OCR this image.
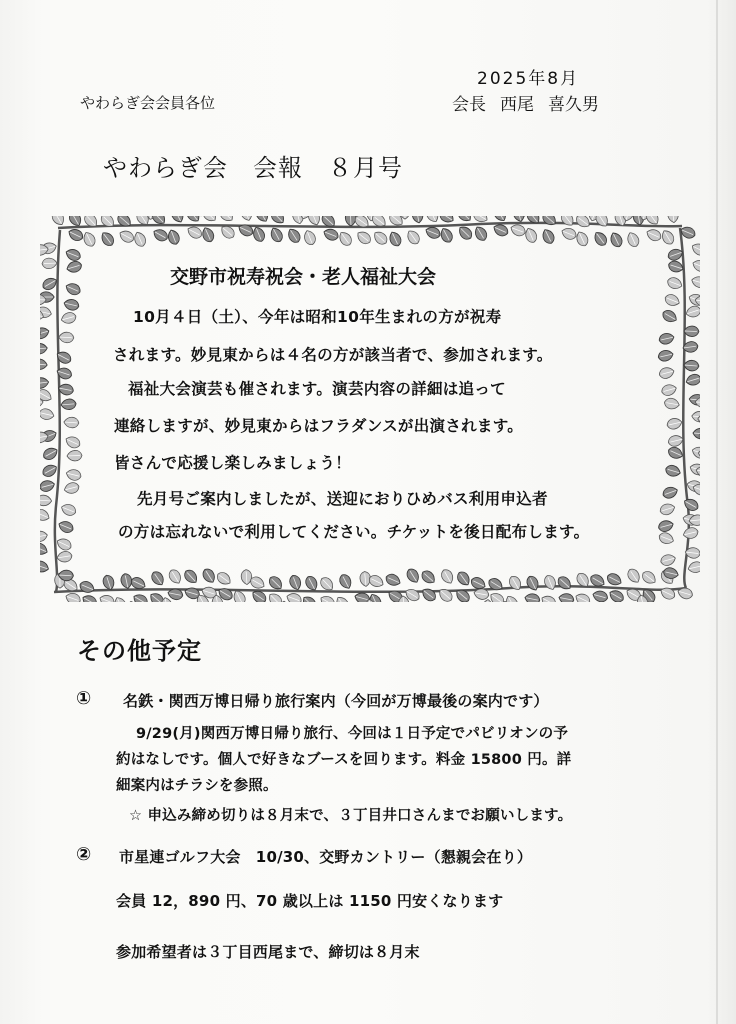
やわらぎ会会員各位
2025年8月
会長 西尾 喜久男
やわらぎ会　会報　８月号
交野市祝寿祝会・老人福祉大会
10月４日（土）、今年は昭和10年生まれの方が祝寿
されます。妙見東からは４名の方が該当者で、参加されます。
福祉大会演芸も催されます。演芸内容の詳細は追って
連絡しますが、妙見東からはフラダンスが出演されます。
皆さんで応援し楽しみましょう！
先月号ご案内しましたが、送迎におりひめバス利用申込者
の方は忘れないで利用してください。チケットを後日配布します。
その他予定
① 名鉄・関西万博日帰り旅行案内（今回が万博最後の案内です）
9/29(月)関西万博日帰り旅行、今回は１日予定でパビリオンの予
約はなしです。個人で好きなブースを回ります。料金 15800 円。詳
細案内はチラシを参照。
☆ 申込み締め切りは８月末で、３丁目井口さんまでお願いします。
② 市星連ゴルフ大会　10/30、交野カントリー（懇親会在り）
会員 12，890 円、70 歳以上は 1150 円安くなります
参加希望者は３丁目西尾まで、締切は８月末
